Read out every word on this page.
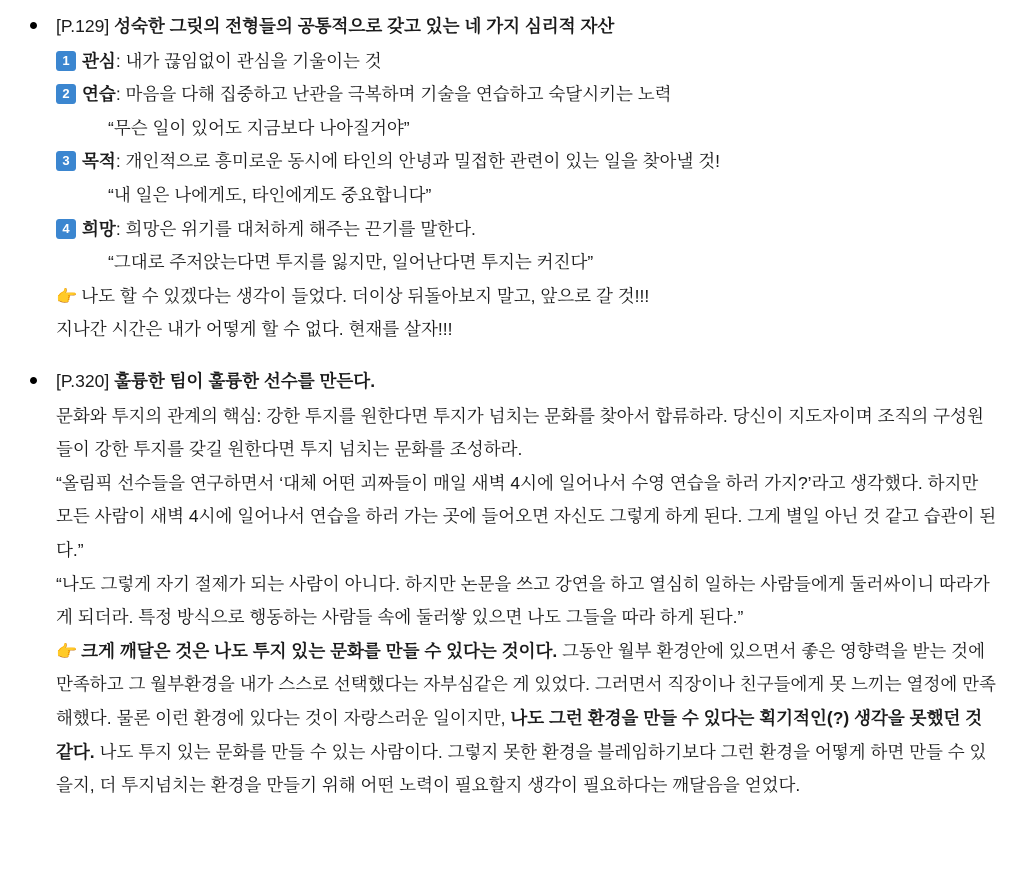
[P.129] 성숙한 그릿의 전형들의 공통적으로 갖고 있는 네 가지 심리적 자산
1 관심: 내가 끊임없이 관심을 기울이는 것
2 연습: 마음을 다해 집중하고 난관을 극복하며 기술을 연습하고 숙달시키는 노력
“무슨 일이 있어도 지금보다 나아질거야”
3 목적: 개인적으로 흥미로운 동시에 타인의 안녕과 밀접한 관련이 있는 일을 찾아낼 것!
“내 일은 나에게도, 타인에게도 중요합니다”
4 희망: 희망은 위기를 대처하게 해주는 끈기를 말한다.
“그대로 주저앉는다면 투지를 잃지만, 일어난다면 투지는 커진다”
👉 나도 할 수 있겠다는 생각이 들었다. 더이상 뒤돌아보지 말고, 앞으로 갈 것!!!
지나간 시간은 내가 어떻게 할 수 없다. 현재를 살자!!!
[P.320] 훌륭한 팀이 훌륭한 선수를 만든다.

문화와 투지의 관계의 핵심: 강한 투지를 원한다면 투지가 넘치는 문화를 찾아서 합류하라. 당신이 지도자이며 조직의 구성원들이 강한 투지를 갖길 원한다면 투지 넘치는 문화를 조성하라.

“올림픽 선수들을 연구하면서 ‘대체 어떤 괴짜들이 매일 새벽 4시에 일어나서 수영 연습을 하러 가지?’라고 생각했다. 하지만 모든 사람이 새벽 4시에 일어나서 연습을 하러 가는 곳에 들어오면 자신도 그렇게 하게 된다. 그게 별일 아닌 것 같고 습관이 된다.”

“나도 그렇게 자기 절제가 되는 사람이 아니다. 하지만 논문을 쓰고 강연을 하고 열심히 일하는 사람들에게 둘러싸이니 따라가게 되더라. 특정 방식으로 행동하는 사람들 속에 둘러쌓 있으면 나도 그들을 따라 하게 된다.”

👉 크게 깨달은 것은 나도 투지 있는 문화를 만들 수 있다는 것이다. 그동안 월부 환경안에 있으면서 좋은 영향력을 받는 것에 만족하고 그 월부환경을 내가 스스로 선택했다는 자부심같은 게 있었다. 그러면서 직장이나 친구들에게 못 느끼는 열정에 만족해했다. 물론 이런 환경에 있다는 것이 자랑스러운 일이지만, 나도 그런 환경을 만들 수 있다는 획기적인(?) 생각을 못했던 것 같다. 나도 투지 있는 문화를 만들 수 있는 사람이다. 그렇지 못한 환경을 블레임하기보다 그런 환경을 어떻게 하면 만들 수 있을지, 더 투지넘치는 환경을 만들기 위해 어떤 노력이 필요할지 생각이 필요하다는 깨달음을 얻었다.
